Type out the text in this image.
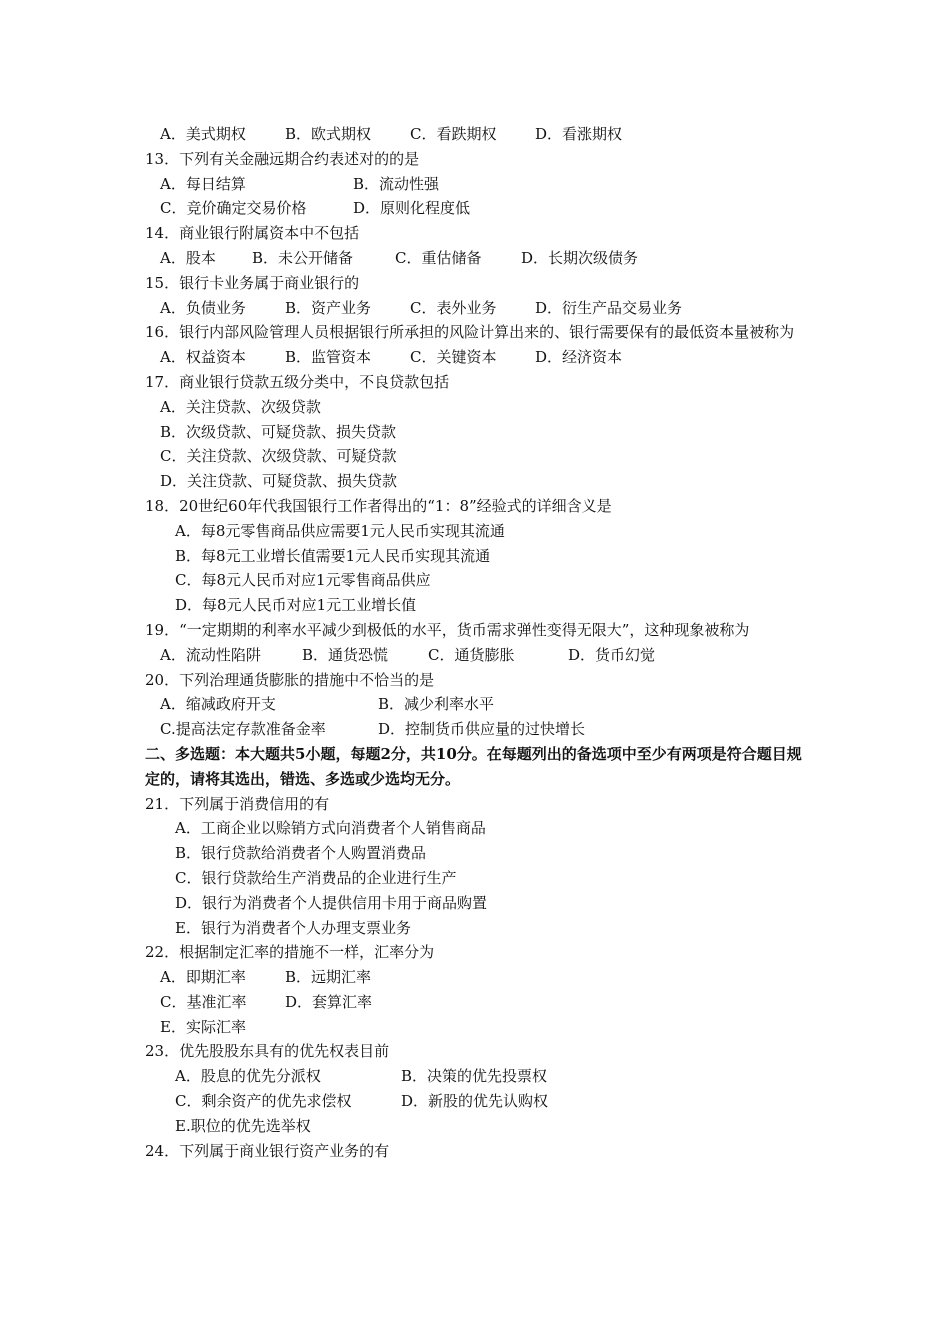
A．美式期权	B．欧式期权	C．看跌期权	D．看涨期权
13．下列有关金融远期合约表述对的的是
A．每日结算	B．流动性强
C．竞价确定交易价格	D．原则化程度低
14．商业银行附属资本中不包括
A．股本 B．未公开储备	C．重估储备	D．长期次级债务
15．银行卡业务属于商业银行的
A．负债业务	B．资产业务	C．表外业务	D．衍生产品交易业务
16．银行内部风险管理人员根据银行所承担的风险计算出来的、银行需要保有的最低资本量被称为
A．权益资本	B．监管资本	C．关键资本	D．经济资本
17．商业银行贷款五级分类中，不良贷款包括
A．关注贷款、次级贷款
B．次级贷款、可疑贷款、损失贷款
C．关注贷款、次级贷款、可疑贷款
D．关注贷款、可疑贷款、损失贷款
18．20世纪60年代我国银行工作者得出的“1：8”经验式的详细含义是
A．每8元零售商品供应需要1元人民币实现其流通
B．每8元工业增长值需要1元人民币实现其流通
C．每8元人民币对应1元零售商品供应
D．每8元人民币对应1元工业增长值
19．“一定期期的利率水平减少到极低的水平，货币需求弹性变得无限大”，这种现象被称为
A．流动性陷阱	B．通货恐慌	C．通货膨胀	D．货币幻觉
20．下列治理通货膨胀的措施中不恰当的是
A．缩减政府开支	B．减少利率水平
C.提高法定存款准备金率	D．控制货币供应量的过快增长
二、多选题：本大题共5小题，每题2分，共10分。在每题列出的备选项中至少有两项是符合题目规定的，请将其选出，错选、多选或少选均无分。
21．下列属于消费信用的有
A．工商企业以赊销方式向消费者个人销售商品
B．银行贷款给消费者个人购置消费品
C．银行贷款给生产消费品的企业进行生产
D．银行为消费者个人提供信用卡用于商品购置
E．银行为消费者个人办理支票业务
22．根据制定汇率的措施不一样，汇率分为
A．即期汇率	B．远期汇率
C．基准汇率	D．套算汇率
E．实际汇率
23．优先股股东具有的优先权表目前
A．股息的优先分派权	B．决策的优先投票权
C．剩余资产的优先求偿权	D．新股的优先认购权
E.职位的优先选举权
24．下列属于商业银行资产业务的有
